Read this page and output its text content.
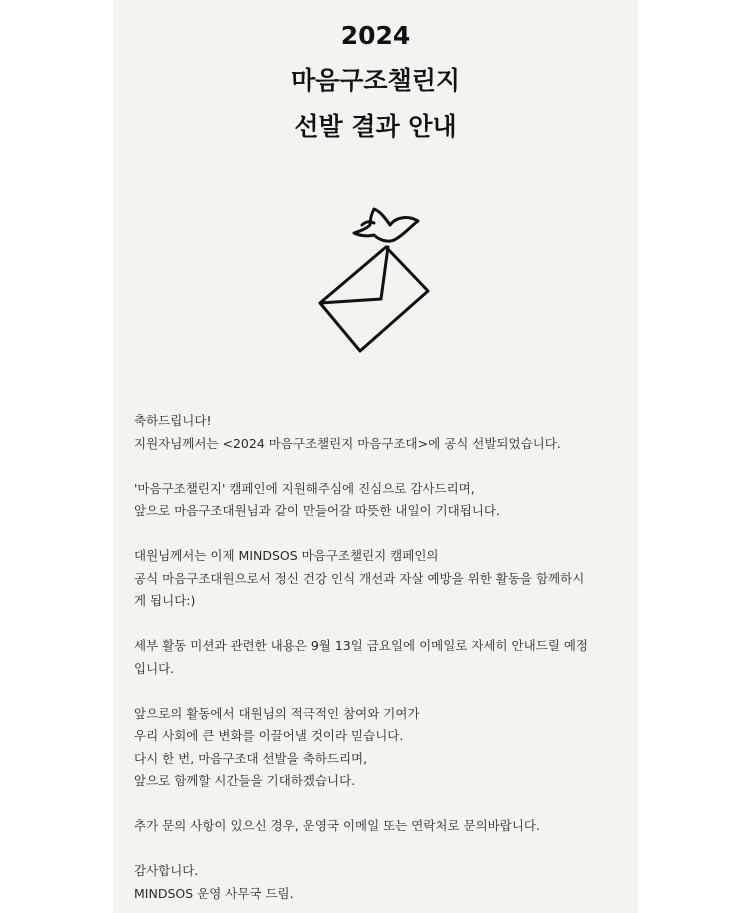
2024
마음구조챌린지
선발 결과 안내

축하드립니다!

지원자님께서는 <2024 마음구조챌린지 마음구조대>에 공식 선발되었습니다.

'마음구조챌린지' 캠페인에 지원해주심에 진심으로 감사드리며,

앞으로 마음구조대원님과 같이 만들어갈 따뜻한 내일이 기대됩니다.

대원님께서는 이제 MINDSOS 마음구조챌린지 캠페인의

공식 마음구조대원으로서 정신 건강 인식 개선과 자살 예방을 위한 활동을 함께하시

게 됩니다:)

세부 활동 미션과 관련한 내용은 9월 13일 금요일에 이메일로 자세히 안내드릴 예정

입니다.

앞으로의 활동에서 대원님의 적극적인 참여와 기여가

우리 사회에 큰 변화를 이끌어낼 것이라 믿습니다.

다시 한 번, 마음구조대 선발을 축하드리며,

앞으로 함께할 시간들을 기대하겠습니다.

추가 문의 사항이 있으신 경우, 운영국 이메일 또는 연락처로 문의바랍니다.

감사합니다.

MINDSOS 운영 사무국 드림.
